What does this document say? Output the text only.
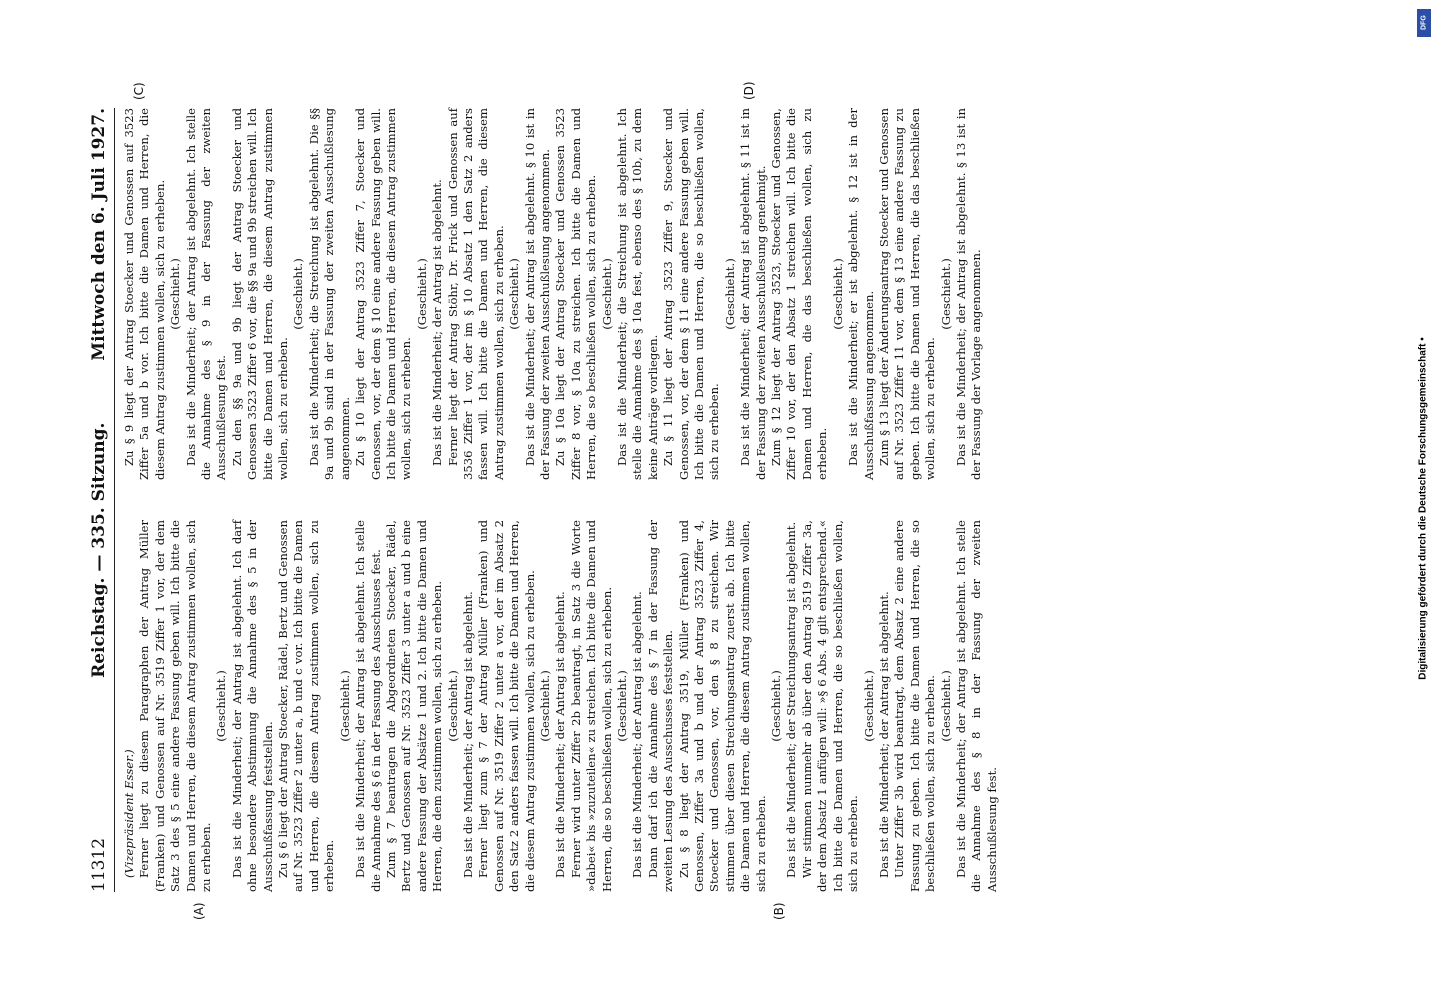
11312
Reichstag. — 335. Sitzung.
Mittwoch den 6. Juli 1927.
(A)	(B)
(C)	(D)

(Vizepräsident Esser.) Ferner liegt zu diesem Paragraphen der Antrag Müller (Franken) und Genossen auf Nr. 3519 Ziffer 1 vor, der dem Satz 3 des § 5 eine andere Fassung geben will. Ich bitte die Damen und Herren, die diesem Antrag zustimmen wollen, sich zu erheben.

(Geschieht.) Das ist die Minderheit; der Antrag ist abgelehnt. Ich darf ohne besondere Abstimmung die Annahme des § 5 in der Ausschußfassung feststellen. Zu § 6 liegt der Antrag Stoecker, Rädel, Bertz und Genossen auf Nr. 3523 Ziffer 2 unter a, b und c vor. Ich bitte die Damen und Herren, die diesem Antrag zustimmen wollen, sich zu erheben.

(Geschieht.) Das ist die Minderheit; der Antrag ist abgelehnt. Ich stelle die Annahme des § 6 in der Fassung des Ausschusses fest. Zum § 7 beantragen die Abgeordneten Stoecker, Rädel, Bertz und Genossen auf Nr. 3523 Ziffer 3 unter a und b eine andere Fassung der Absätze 1 und 2. Ich bitte die Damen und Herren, die dem zustimmen wollen, sich zu erheben. (Geschieht.) Das ist die Minderheit; der Antrag ist abgelehnt. Ferner liegt zum § 7 der Antrag Müller (Franken) und Genossen auf Nr. 3519 Ziffer 2 unter a vor, der im Absatz 2 den Satz 2 anders fassen will. Ich bitte die Damen und Herren, die diesem Antrag zustimmen wollen, sich zu erheben. (Geschieht.) Das ist die Minderheit; der Antrag ist abgelehnt. Ferner wird unter Ziffer 2b beantragt, in Satz 3 die Worte »dabei« bis »zuzuteilen« zu streichen. Ich bitte die Damen und Herren, die so beschließen wollen, sich zu erheben. (Geschieht.) Das ist die Minderheit; der Antrag ist abgelehnt. Dann darf ich die Annahme des § 7 in der Fassung der zweiten Lesung des Ausschusses feststellen. Zu § 8 liegt der Antrag 3519, Müller (Franken) und Genossen, Ziffer 3a und b und der Antrag 3523 Ziffer 4, Stoecker und Genossen, vor, den § 8 zu streichen. Wir stimmen über diesen Streichungsantrag zuerst ab. Ich bitte die Damen und Herren, die diesem Antrag zustimmen wollen, sich zu erheben.

(Geschieht.) Das ist die Minderheit; der Streichungsantrag ist abgelehnt. Wir stimmen nunmehr ab über den Antrag 3519 Ziffer 3a, der dem Absatz 1 anfügen will: »§ 6 Abs. 4 gilt entsprechend.« Ich bitte die Damen und Herren, die so beschließen wollen, sich zu erheben.

(Geschieht.) Das ist die Minderheit; der Antrag ist abgelehnt. Unter Ziffer 3b wird beantragt, dem Absatz 2 eine andere Fassung zu geben. Ich bitte die Damen und Herren, die so beschließen wollen, sich zu erheben. (Geschieht.) Das ist die Minderheit; der Antrag ist abgelehnt. Ich stelle die Annahme des § 8 in der Fassung der zweiten Ausschußlesung fest.

Zu § 9 liegt der Antrag Stoecker und Genossen auf 3523 Ziffer 5a und b vor. Ich bitte die Damen und Herren, die diesem Antrag zustimmen wollen, sich zu erheben. (Geschieht.) Das ist die Minderheit; der Antrag ist abgelehnt. Ich stelle die Annahme des § 9 in der Fassung der zweiten Ausschußlesung fest. Zu den §§ 9a und 9b liegt der Antrag Stoecker und Genossen 3523 Ziffer 6 vor, die §§ 9a und 9b streichen will. Ich bitte die Damen und Herren, die diesem Antrag zustimmen wollen, sich zu erheben.

(Geschieht.) Das ist die Minderheit; die Streichung ist abgelehnt. Die §§ 9a und 9b sind in der Fassung der zweiten Ausschußlesung angenommen. Zu § 10 liegt der Antrag 3523 Ziffer 7, Stoecker und Genossen, vor, der dem § 10 eine andere Fassung geben will. Ich bitte die Damen und Herren, die diesem Antrag zustimmen wollen, sich zu erheben.

(Geschieht.) Das ist die Minderheit; der Antrag ist abgelehnt. Ferner liegt der Antrag Stöhr, Dr. Frick und Genossen auf 3536 Ziffer 1 vor, der im § 10 Absatz 1 den Satz 2 anders fassen will. Ich bitte die Damen und Herren, die diesem Antrag zustimmen wollen, sich zu erheben. (Geschieht.) Das ist die Minderheit; der Antrag ist abgelehnt. § 10 ist in der Fassung der zweiten Ausschußlesung angenommen. Zu § 10a liegt der Antrag Stoecker und Genossen 3523 Ziffer 8 vor, § 10a zu streichen. Ich bitte die Damen und Herren, die so beschließen wollen, sich zu erheben. (Geschieht.) Das ist die Minderheit; die Streichung ist abgelehnt. Ich stelle die Annahme des § 10a fest, ebenso des § 10b, zu dem keine Anträge vorliegen. Zu § 11 liegt der Antrag 3523 Ziffer 9, Stoecker und Genossen, vor, der dem § 11 eine andere Fassung geben will. Ich bitte die Damen und Herren, die so beschließen wollen, sich zu erheben.

(Geschieht.) Das ist die Minderheit; der Antrag ist abgelehnt. § 11 ist in der Fassung der zweiten Ausschußlesung genehmigt. Zum § 12 liegt der Antrag 3523, Stoecker und Genossen, Ziffer 10 vor, der den Absatz 1 streichen will. Ich bitte die Damen und Herren, die das beschließen wollen, sich zu erheben.

(Geschieht.) Das ist die Minderheit; er ist abgelehnt. § 12 ist in der Ausschußfassung angenommen. Zum § 13 liegt der Änderungsantrag Stoecker und Genossen auf Nr. 3523 Ziffer 11 vor, dem § 13 eine andere Fassung zu geben. Ich bitte die Damen und Herren, die das beschließen wollen, sich zu erheben.

(Geschieht.) Das ist die Minderheit; der Antrag ist abgelehnt. § 13 ist in der Fassung der Vorlage angenommen.	Digitalisierung gefördert durch die Deutsche Forschungsgemeinschaft •
DFG
